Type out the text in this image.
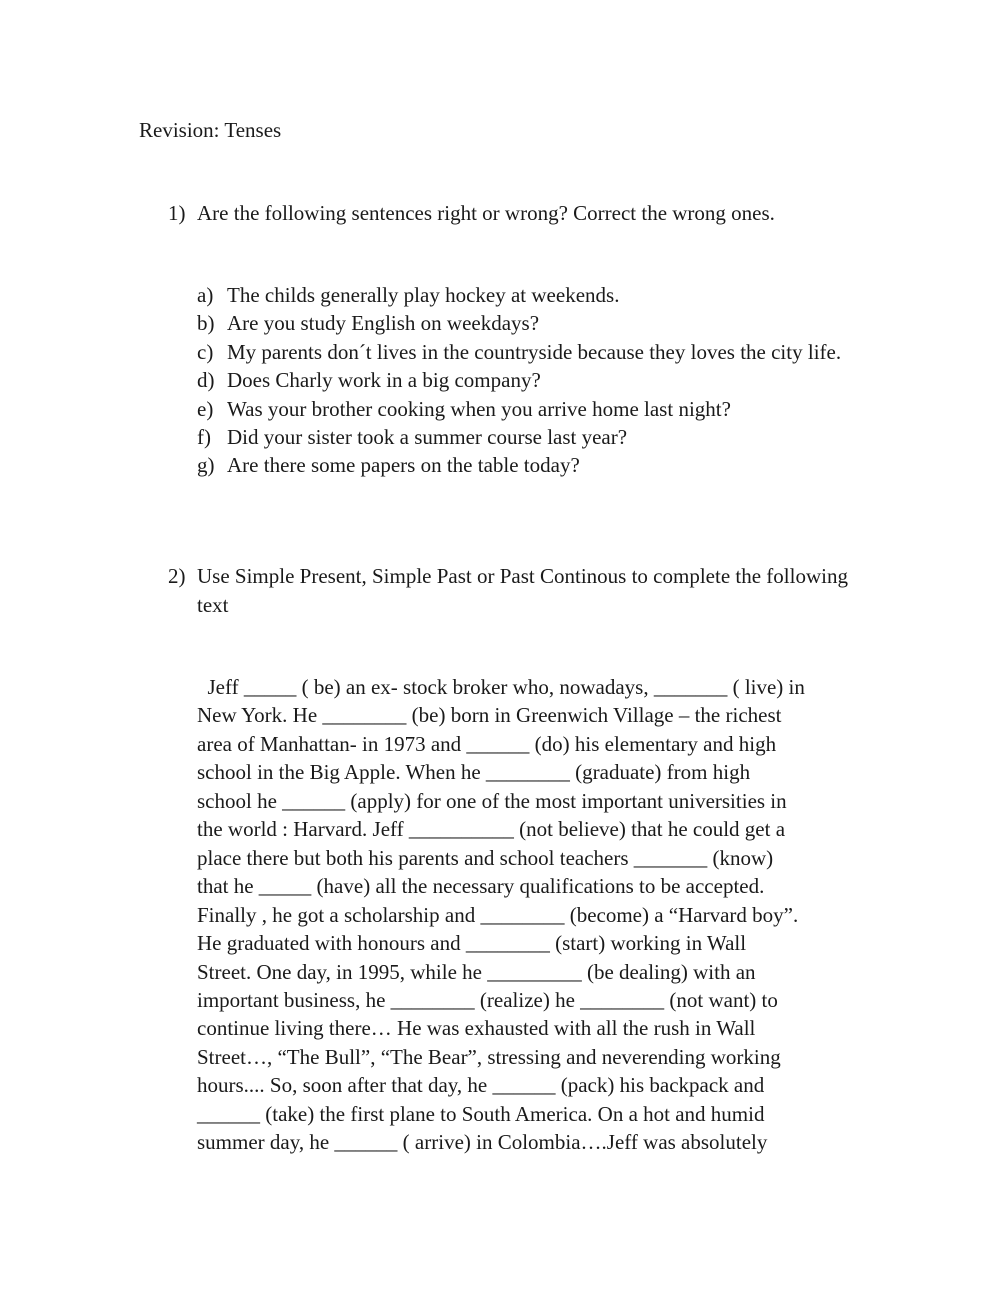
Revision: Tenses
1) Are the following sentences right or wrong? Correct the wrong ones.
a) The childs generally play hockey at weekends.
b) Are you study English on weekdays?
c) My parents don´t lives in the countryside because they loves the city life.
d) Does Charly work in a big company?
e) Was your brother cooking when you arrive home last night?
f) Did your sister took a summer course last year?
g) Are there some papers on the table today?
2) Use Simple Present, Simple Past or Past Continous to complete the following text
Jeff _____ ( be) an ex- stock broker who, nowadays, _______ ( live) in
New York. He ________ (be) born in Greenwich Village – the richest
area of Manhattan- in 1973 and ______ (do) his elementary and high
school in the Big Apple. When he ________ (graduate) from high
school he ______ (apply) for one of the most important universities in
the world : Harvard. Jeff __________ (not believe) that he could get a
place there but both his parents and school teachers _______ (know)
that he _____ (have) all the necessary qualifications to be accepted.
Finally , he got a scholarship and ________ (become) a “Harvard boy”.
He graduated with honours and ________ (start) working in Wall
Street. One day, in 1995, while he _________ (be dealing) with an
important business, he ________ (realize) he ________ (not want) to
continue living there… He was exhausted with all the rush in Wall
Street…, “The Bull”, “The Bear”, stressing and neverending working
hours.... So, soon after that day, he ______ (pack) his backpack and
______ (take) the first plane to South America. On a hot and humid
summer day, he ______ ( arrive) in Colombia….Jeff was absolutely
